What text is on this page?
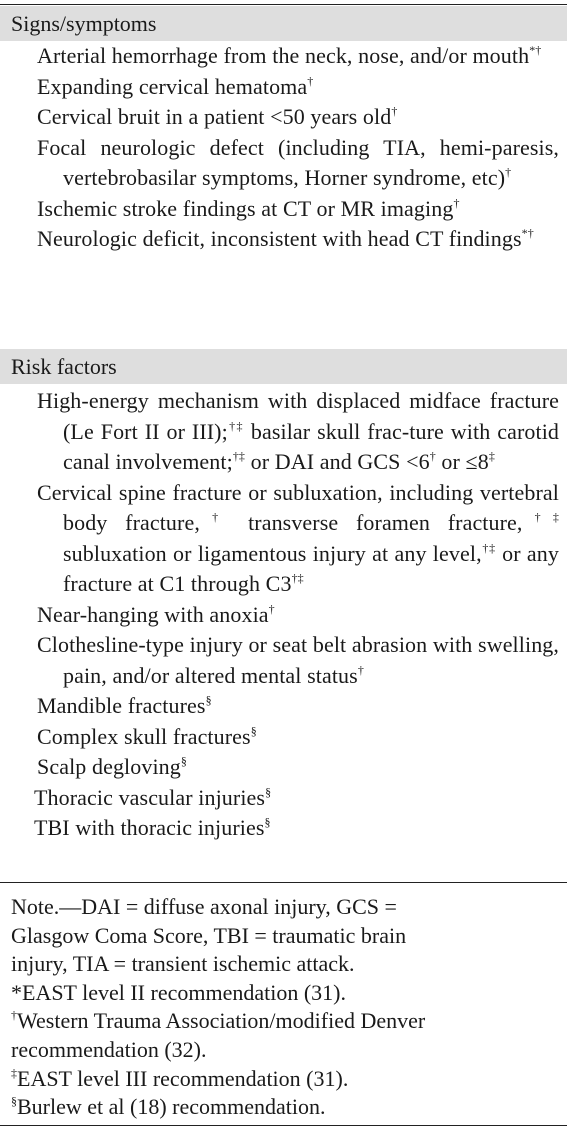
Signs/symptoms
Arterial hemorrhage from the neck, nose, and/or mouth*†
Expanding cervical hematoma†
Cervical bruit in a patient <50 years old†
Focal neurologic defect (including TIA, hemi-paresis, vertebrobasilar symptoms, Horner syndrome, etc)†
Ischemic stroke findings at CT or MR imaging†
Neurologic deficit, inconsistent with head CT findings*†
Risk factors
High-energy mechanism with displaced midface fracture (Le Fort II or III);†‡ basilar skull frac-ture with carotid canal involvement;†‡ or DAI and GCS <6† or ≤8‡
Cervical spine fracture or subluxation, including vertebral body fracture,† transverse foramen fracture,†‡ subluxation or ligamentous injury at any level,†‡ or any fracture at C1 through C3†‡
Near-hanging with anoxia†
Clothesline-type injury or seat belt abrasion with swelling, pain, and/or altered mental status†
Mandible fractures§
Complex skull fractures§
Scalp degloving§
Thoracic vascular injuries§
TBI with thoracic injuries§
Note.—DAI = diffuse axonal injury, GCS =
Glasgow Coma Score, TBI = traumatic brain
injury, TIA = transient ischemic attack.
*EAST level II recommendation (31).
†Western Trauma Association/modified Denver recommendation (32).
‡EAST level III recommendation (31).
§Burlew et al (18) recommendation.
